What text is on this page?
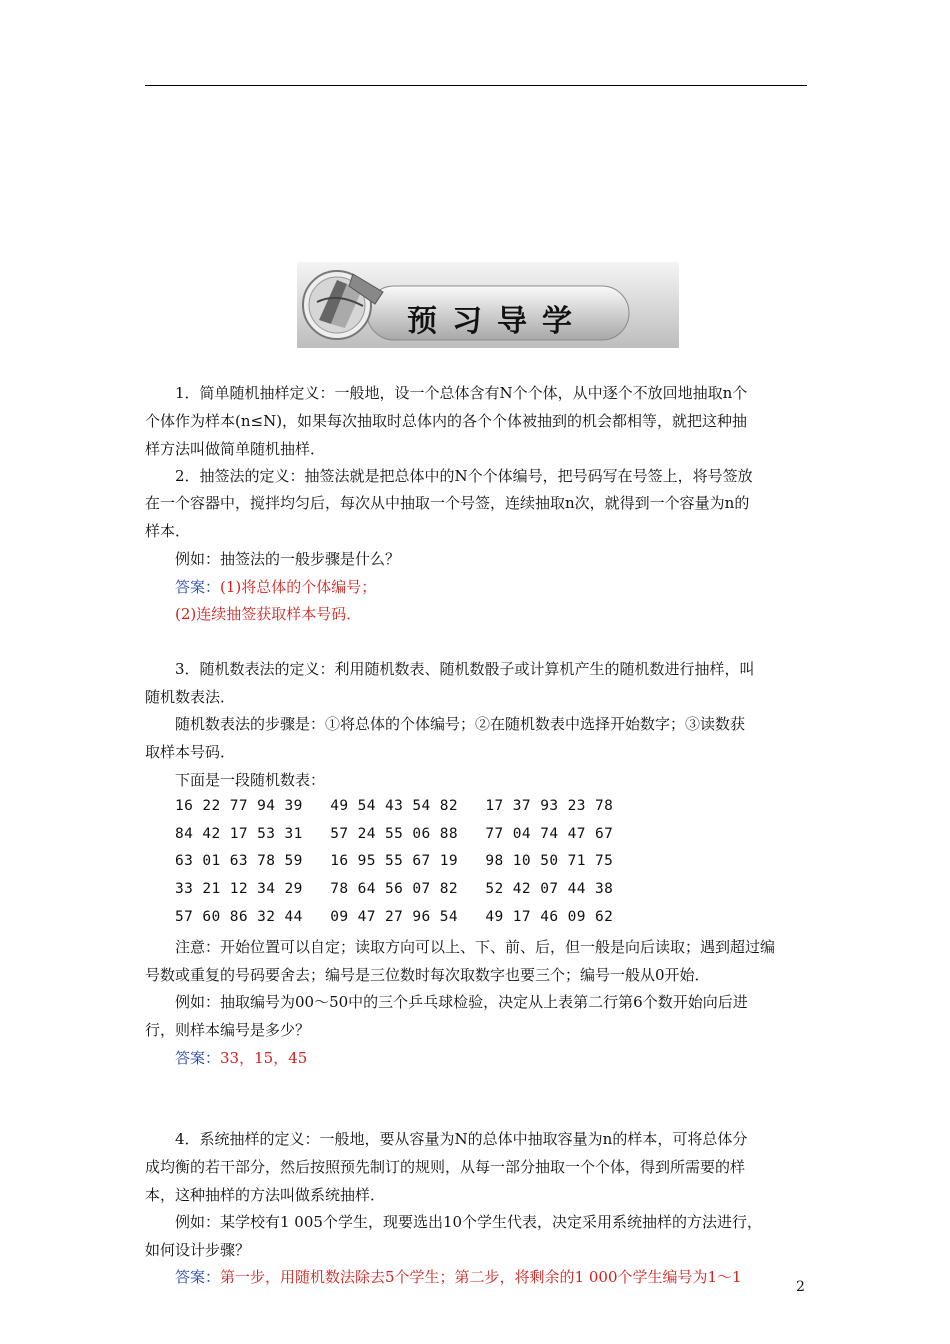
预习导学
1．简单随机抽样定义：一般地，设一个总体含有N个个体，从中逐个不放回地抽取n个
个体作为样本(n≤N)，如果每次抽取时总体内的各个个体被抽到的机会都相等，就把这种抽
样方法叫做简单随机抽样．
2．抽签法的定义：抽签法就是把总体中的N个个体编号，把号码写在号签上，将号签放
在一个容器中，搅拌均匀后，每次从中抽取一个号签，连续抽取n次，就得到一个容量为n的
样本．
例如：抽签法的一般步骤是什么？
答案：(1)将总体的个体编号；
(2)连续抽签获取样本号码．
3．随机数表法的定义：利用随机数表、随机数骰子或计算机产生的随机数进行抽样，叫
随机数表法．
随机数表法的步骤是：①将总体的个体编号；②在随机数表中选择开始数字；③读数获
取样本号码．
下面是一段随机数表：
16 22 77 94 39   49 54 43 54 82   17 37 93 23 78
84 42 17 53 31   57 24 55 06 88   77 04 74 47 67
63 01 63 78 59   16 95 55 67 19   98 10 50 71 75
33 21 12 34 29   78 64 56 07 82   52 42 07 44 38
57 60 86 32 44   09 47 27 96 54   49 17 46 09 62
注意：开始位置可以自定；读取方向可以上、下、前、后，但一般是向后读取；遇到超过编
号数或重复的号码要舍去；编号是三位数时每次取数字也要三个；编号一般从0开始．
例如：抽取编号为00～50中的三个乒乓球检验，决定从上表第二行第6个数开始向后进
行，则样本编号是多少？
答案：33，15，45
4．系统抽样的定义：一般地，要从容量为N的总体中抽取容量为n的样本，可将总体分
成均衡的若干部分，然后按照预先制订的规则，从每一部分抽取一个个体，得到所需要的样
本，这种抽样的方法叫做系统抽样．
例如：某学校有1 005个学生，现要选出10个学生代表，决定采用系统抽样的方法进行，
如何设计步骤？
答案：第一步，用随机数法除去5个学生；第二步，将剩余的1 000个学生编号为1～1
2
